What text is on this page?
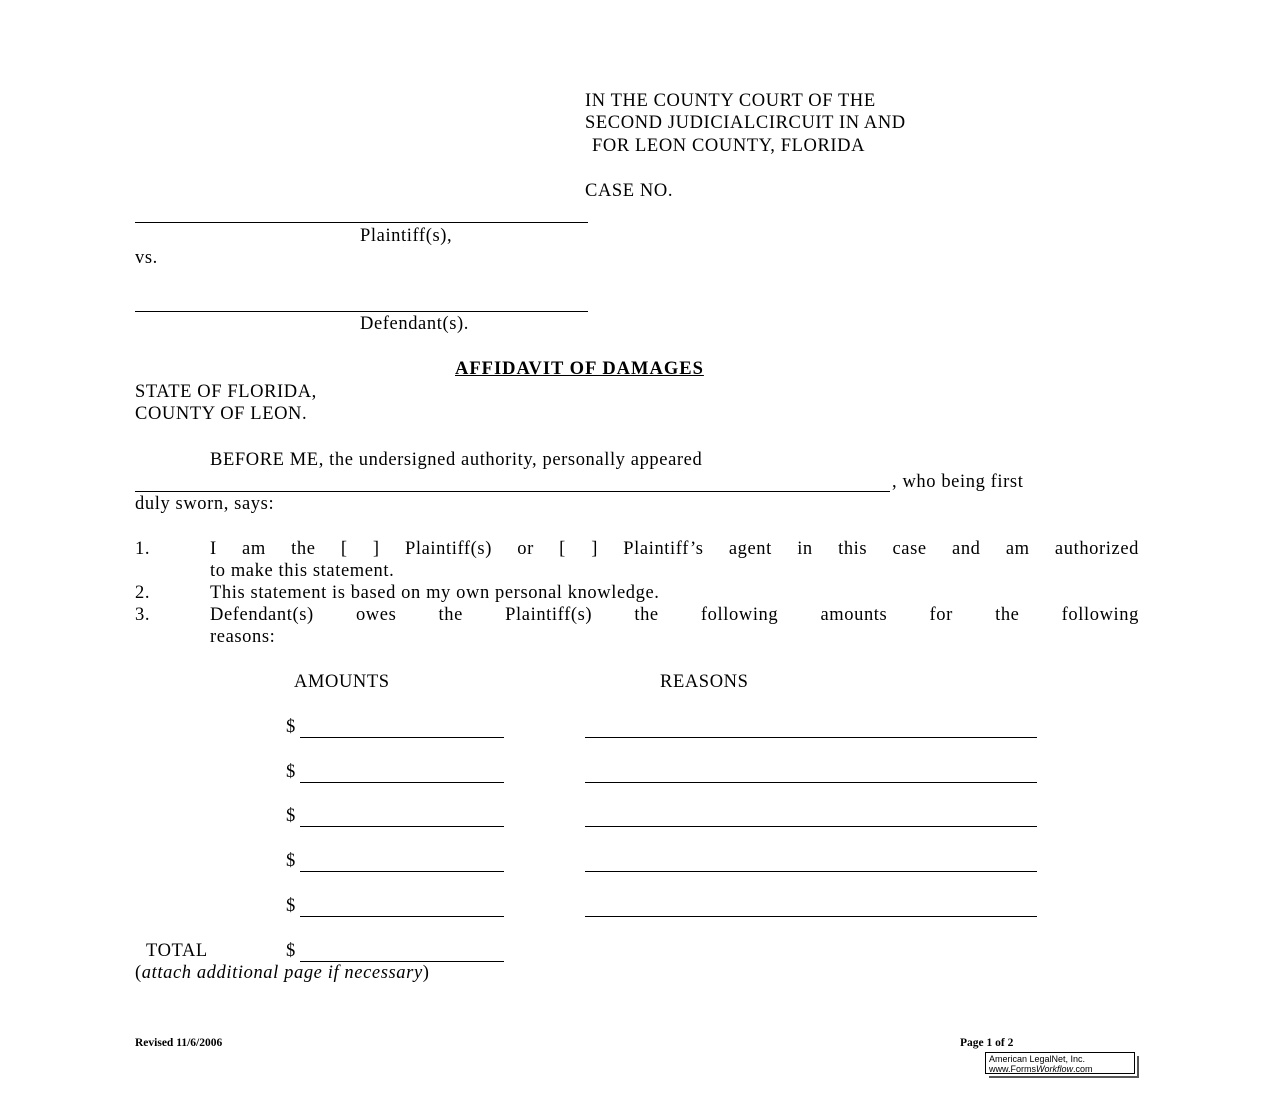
IN THE COUNTY COURT OF THE
SECOND JUDICIALCIRCUIT IN AND
FOR LEON COUNTY, FLORIDA
CASE NO.
Plaintiff(s),
vs.
Defendant(s).
AFFIDAVIT OF DAMAGES
STATE OF FLORIDA,
COUNTY OF LEON.
BEFORE ME, the undersigned authority, personally appeared
, who being first
duly sworn, says:
1.	I am the [ ] Plaintiff(s) or [ ] Plaintiff’s agent in this case and am authorized
to make this statement.
2.	This statement is based on my own personal knowledge.
3.	Defendant(s) owes the Plaintiff(s) the following amounts for the following
reasons:
AMOUNTS	REASONS
$
$
$
$
$
TOTAL	$
(attach additional page if necessary)
Revised 11/6/2006	Page 1 of 2
American LegalNet, Inc.
www.FormsWorkflow.com
